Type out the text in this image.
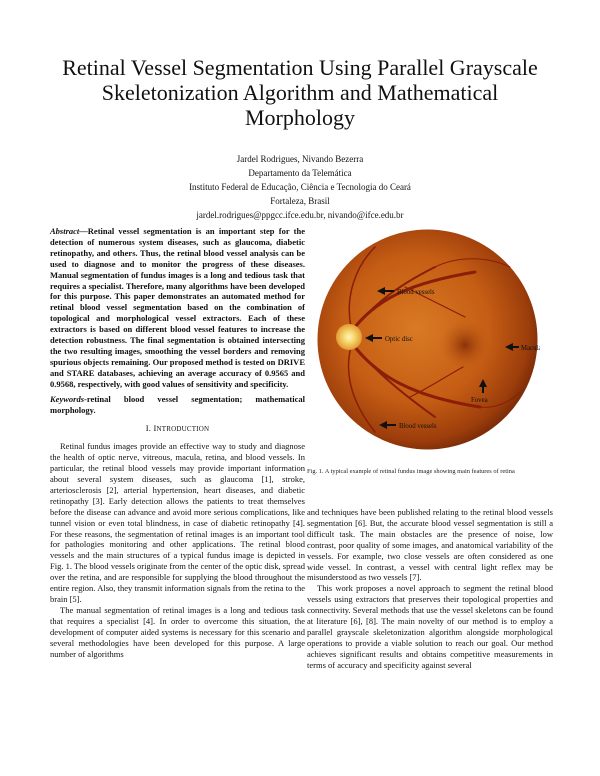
Retinal Vessel Segmentation Using Parallel Grayscale Skeletonization Algorithm and Mathematical Morphology
Jardel Rodrigues, Nivando Bezerra
Departamento da Telemática
Instituto Federal de Educação, Ciência e Tecnologia do Ceará
Fortaleza, Brasil
jardel.rodrigues@ppgcc.ifce.edu.br, nivando@ifce.edu.br
Abstract—Retinal vessel segmentation is an important step for the detection of numerous system diseases, such as glaucoma, diabetic retinopathy, and others. Thus, the retinal blood vessel analysis can be used to diagnose and to monitor the progress of these diseases. Manual segmentation of fundus images is a long and tedious task that requires a specialist. Therefore, many algorithms have been developed for this purpose. This paper demonstrates an automated method for retinal blood vessel segmentation based on the combination of topological and morphological vessel extractors. Each of these extractors is based on different blood vessel features to increase the detection robustness. The final segmentation is obtained intersecting the two resulting images, smoothing the vessel borders and removing spurious objects remaining. Our proposed method is tested on DRIVE and STARE databases, achieving an average accuracy of 0.9565 and 0.9568, respectively, with good values of sensitivity and specificity.
Keywords-retinal blood vessel segmentation; mathematical morphology.
I. INTRODUCTION

Retinal fundus images provide an effective way to study and diagnose the health of optic nerve, vitreous, macula, retina, and blood vessels. In particular, the retinal blood vessels may provide important information about several system diseases, such as glaucoma [1], stroke, arteriosclerosis [2], arterial hypertension, heart diseases, and diabetic retinopathy [3]. Early detection allows the patients to treat themselves before the disease can advance and avoid more serious complications, like tunnel vision or even total blindness, in case of diabetic retinopathy [4]. For these reasons, the segmentation of retinal images is an important tool for pathologies monitoring and other applications. The retinal blood vessels and the main structures of a typical fundus image is depicted in Fig. 1. The blood vessels originate from the center of the optic disk, spread over the retina, and are responsible for supplying the blood throughout the entire region. Also, they transmit information signals from the retina to the brain [5].

The manual segmentation of retinal images is a long and tedious task that requires a specialist [4]. In order to overcome this situation, the development of computer aided systems is necessary for this scenario and several methodologies have been developed for this purpose. A large number of algorithms

Blood vessels
Optic disc
Macula
Fovea
Blood vessels
Fig. 1. A typical example of retinal fundus image showing main features of retina

and techniques have been published relating to the retinal blood vessels segmentation [6]. But, the accurate blood vessel segmentation is still a difficult task. The main obstacles are the presence of noise, low contrast, poor quality of some images, and anatomical variability of the vessels. For example, two close vessels are often considered as one wide vessel. In contrast, a vessel with central light reflex may be misunderstood as two vessels [7].

This work proposes a novel approach to segment the retinal blood vessels using extractors that preserves their topological properties and connectivity. Several methods that use the vessel skeletons can be found at literature [6], [8]. The main novelty of our method is to employ a parallel grayscale skeletonization algorithm alongside morphological operations to provide a viable solution to reach our goal. Our method achieves significant results and obtains competitive measurements in terms of accuracy and specificity against several
